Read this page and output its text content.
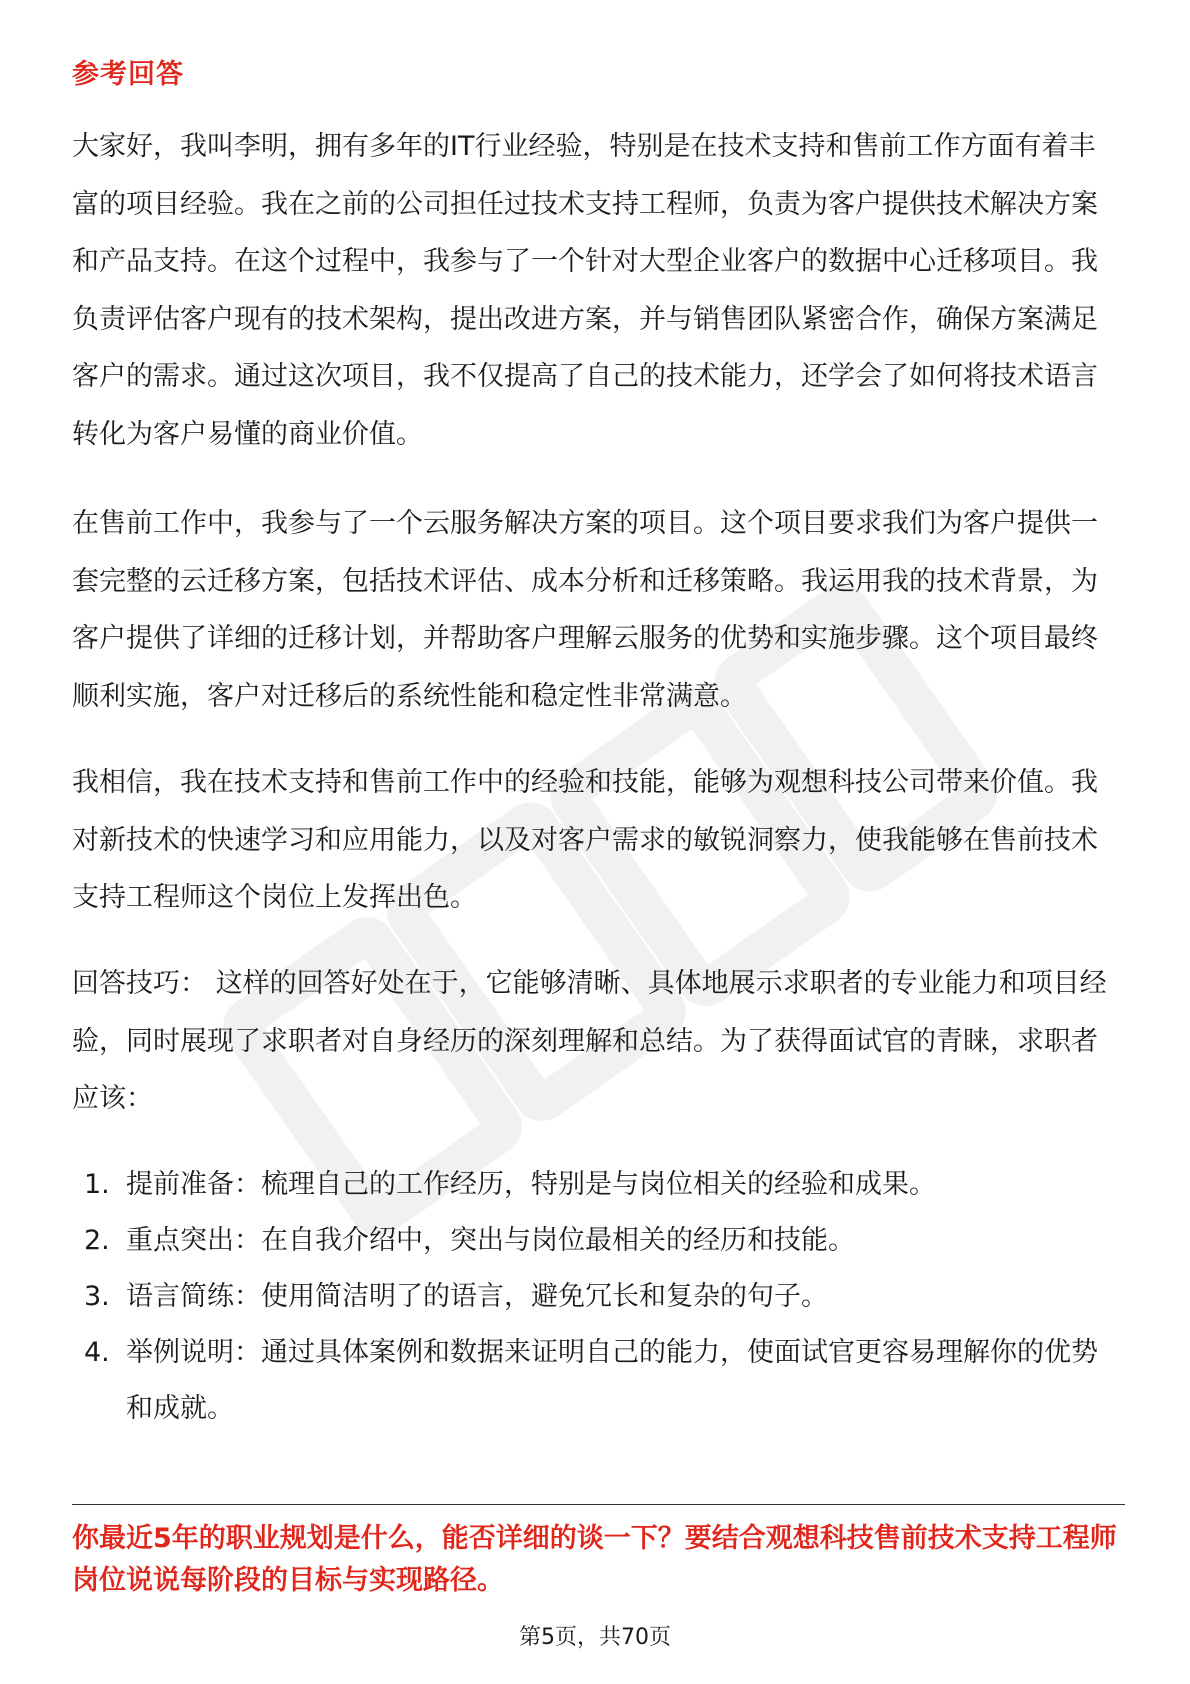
参考回答

大家好，我叫李明，拥有多年的IT行业经验，特别是在技术支持和售前工作方面有着丰富的项目经验。我在之前的公司担任过技术支持工程师，负责为客户提供技术解决方案和产品支持。在这个过程中，我参与了一个针对大型企业客户的数据中心迁移项目。我负责评估客户现有的技术架构，提出改进方案，并与销售团队紧密合作，确保方案满足客户的需求。通过这次项目，我不仅提高了自己的技术能力，还学会了如何将技术语言转化为客户易懂的商业价值。

在售前工作中，我参与了一个云服务解决方案的项目。这个项目要求我们为客户提供一套完整的云迁移方案，包括技术评估、成本分析和迁移策略。我运用我的技术背景，为客户提供了详细的迁移计划，并帮助客户理解云服务的优势和实施步骤。这个项目最终顺利实施，客户对迁移后的系统性能和稳定性非常满意。

我相信，我在技术支持和售前工作中的经验和技能，能够为观想科技公司带来价值。我对新技术的快速学习和应用能力，以及对客户需求的敏锐洞察力，使我能够在售前技术支持工程师这个岗位上发挥出色。

回答技巧： 这样的回答好处在于，它能够清晰、具体地展示求职者的专业能力和项目经验，同时展现了求职者对自身经历的深刻理解和总结。为了获得面试官的青睐，求职者应该：

1. 提前准备：梳理自己的工作经历，特别是与岗位相关的经验和成果。
2. 重点突出：在自我介绍中，突出与岗位最相关的经历和技能。
3. 语言简练：使用简洁明了的语言，避免冗长和复杂的句子。
4. 举例说明：通过具体案例和数据来证明自己的能力，使面试官更容易理解你的优势和成就。

你最近5年的职业规划是什么，能否详细的谈一下？要结合观想科技售前技术支持工程师岗位说说每阶段的目标与实现路径。

第5页，共70页
